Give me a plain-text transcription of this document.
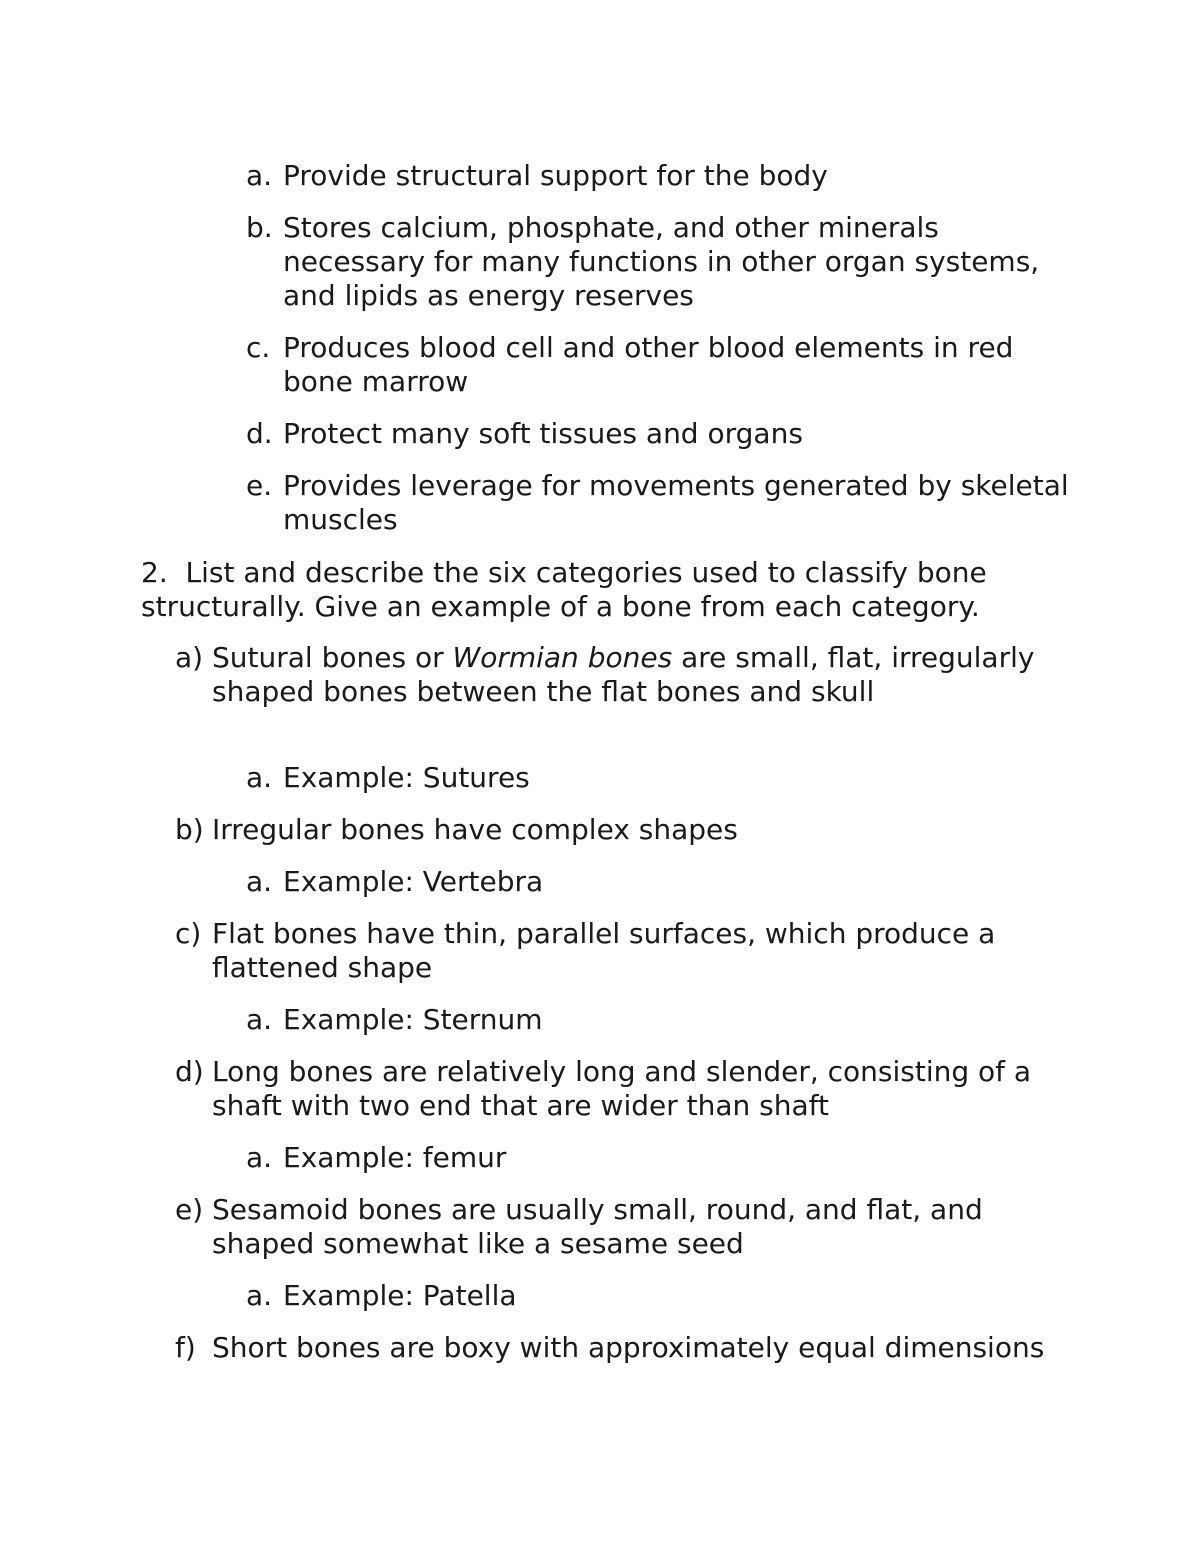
a. Provide structural support for the body
b. Stores calcium, phosphate, and other minerals necessary for many functions in other organ systems, and lipids as energy reserves
c. Produces blood cell and other blood elements in red bone marrow
d. Protect many soft tissues and organs
e. Provides leverage for movements generated by skeletal muscles
2. List and describe the six categories used to classify bone structurally. Give an example of a bone from each category.
a) Sutural bones or Wormian bones are small, flat, irregularly shaped bones between the flat bones and skull
a. Example: Sutures
b) Irregular bones have complex shapes
a. Example: Vertebra
c) Flat bones have thin, parallel surfaces, which produce a flattened shape
a. Example: Sternum
d) Long bones are relatively long and slender, consisting of a shaft with two end that are wider than shaft
a. Example: femur
e) Sesamoid bones are usually small, round, and flat, and shaped somewhat like a sesame seed
a. Example: Patella
f) Short bones are boxy with approximately equal dimensions
